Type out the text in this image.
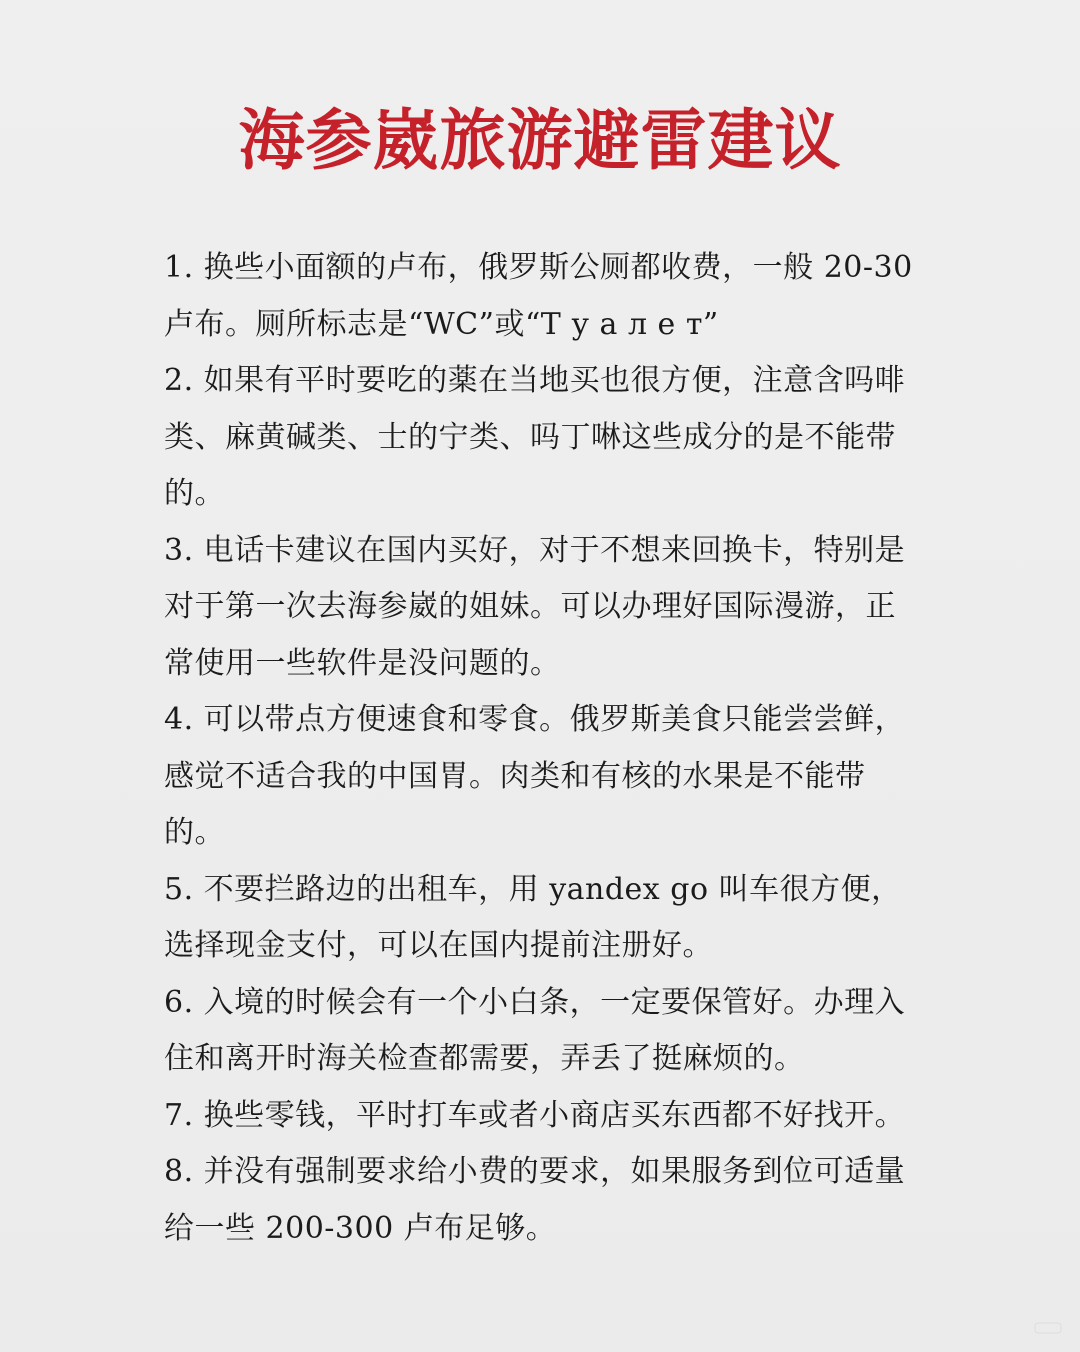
海参崴旅游避雷建议

1. 换些小面额的卢布，俄罗斯公厕都收费，一般 20-30 卢布。厕所标志是“WC”或“Т у а л е т”

2. 如果有平时要吃的薬在当地买也很方便，注意含吗啡类、麻黄碱类、士的宁类、吗丁啉这些成分的是不能带的。

3. 电话卡建议在国内买好，对于不想来回换卡，特别是对于第一次去海参崴的姐妹。可以办理好国际漫游，正常使用一些软件是没问题的。

4. 可以带点方便速食和零食。俄罗斯美食只能尝尝鲜，感觉不适合我的中国胃。肉类和有核的水果是不能带的。

5. 不要拦路边的出租车，用 yandex go 叫车很方便，选择现金支付，可以在国内提前注册好。

6. 入境的时候会有一个小白条，一定要保管好。办理入住和离开时海关检查都需要，弄丢了挺麻烦的。

7. 换些零钱，平时打车或者小商店买东西都不好找开。

8. 并没有强制要求给小费的要求，如果服务到位可适量给一些 200-300 卢布足够。
